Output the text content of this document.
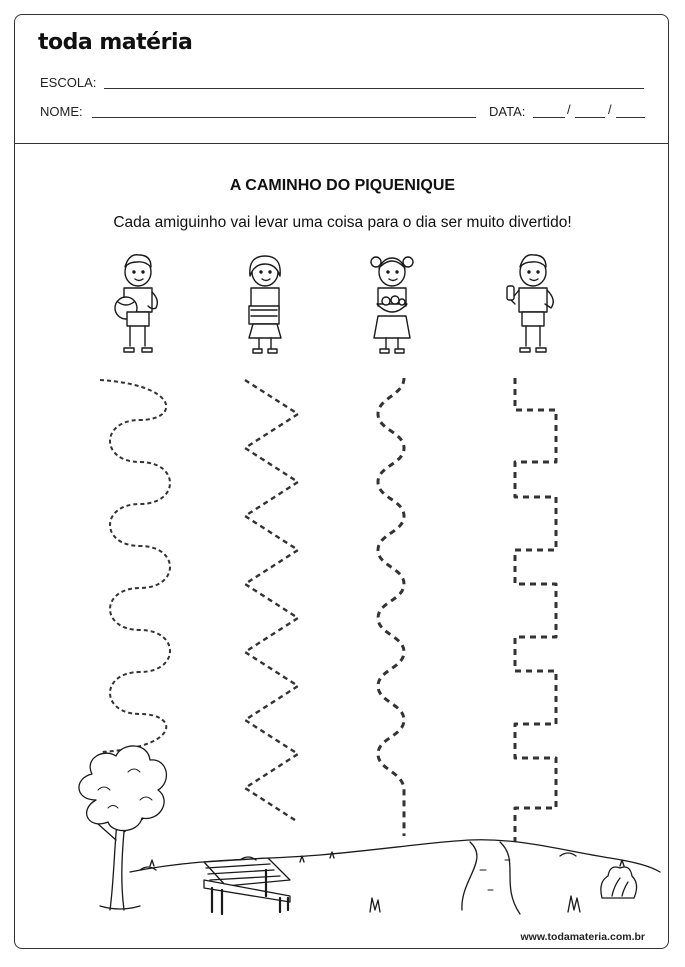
toda matéria
ESCOLA:
NOME:	DATA:	/	/
A CAMINHO DO PIQUENIQUE
Cada amiguinho vai levar uma coisa para o dia ser muito divertido!
www.todamateria.com.br
